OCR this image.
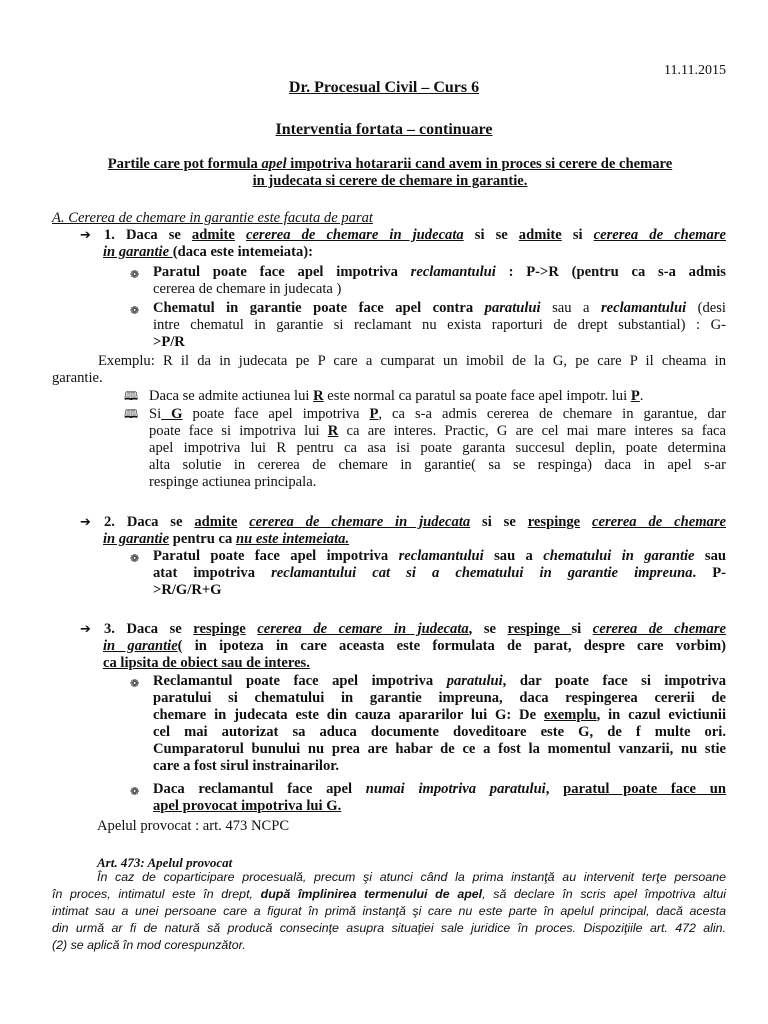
11.11.2015
Dr. Procesual Civil – Curs 6
Interventia fortata – continuare
Partile care pot formula apel impotriva hotararii cand avem in proces si cerere de chemare
in judecata si cerere de chemare in garantie.
A. Cererea de chemare in garantie este facuta de parat
➔ 1. Daca se admite cererea de chemare in judecata si se admite si cererea de chemare
in garantie (daca este intemeiata):
❁ Paratul poate face apel impotriva reclamantului : P->R (pentru ca s-a admis
cererea de chemare in judecata )
❁ Chematul in garantie poate face apel contra paratului sau a reclamantului (desi
intre chematul in garantie si reclamant nu exista raporturi de drept substantial) : G-
>P/R
Exemplu: R il da in judecata pe P care a cumparat un imobil de la G, pe care P il cheama in
garantie.
🕮 Daca se admite actiunea lui R este normal ca paratul sa poate face apel impotr. lui P.
🕮 Si G poate face apel impotriva P, ca s-a admis cererea de chemare in garantue, dar
poate face si impotriva lui R ca are interes. Practic, G are cel mai mare interes sa faca
apel impotriva lui R pentru ca asa isi poate garanta succesul deplin, poate determina
alta solutie in cererea de chemare in garantie( sa se respinga) daca in apel s-ar
respinge actiunea principala.
➔ 2. Daca se admite cererea de chemare in judecata si se respinge cererea de chemare
in garantie pentru ca nu este intemeiata.
❁ Paratul poate face apel impotriva reclamantului sau a chematului in garantie sau
atat impotriva reclamantului cat si a chematului in garantie impreuna. P-
>R/G/R+G
➔ 3. Daca se respinge cererea de cemare in judecata, se respinge si cererea de chemare
in garantie( in ipoteza in care aceasta este formulata de parat, despre care vorbim)
ca lipsita de obiect sau de interes.
❁ Reclamantul poate face apel impotriva paratului, dar poate face si impotriva
paratului si chematului in garantie impreuna, daca respingerea cererii de
chemare in judecata este din cauza apararilor lui G: De exemplu, in cazul evictiunii
cel mai autorizat sa aduca documente doveditoare este G, de f multe ori.
Cumparatorul bunului nu prea are habar de ce a fost la momentul vanzarii, nu stie
care a fost sirul instrainarilor.
❁ Daca reclamantul face apel numai impotriva paratului, paratul poate face un
apel provocat impotriva lui G.
Apelul provocat : art. 473 NCPC
Art. 473: Apelul provocat
În caz de coparticipare procesuală, precum şi atunci când la prima instanţă au intervenit terţe persoane
în proces, intimatul este în drept, după împlinirea termenului de apel, să declare în scris apel împotriva altui
intimat sau a unei persoane care a figurat în primă instanţă şi care nu este parte în apelul principal, dacă acesta
din urmă ar fi de natură să producă consecinţe asupra situaţiei sale juridice în proces. Dispoziţiile art. 472 alin.
(2) se aplică în mod corespunzător.
